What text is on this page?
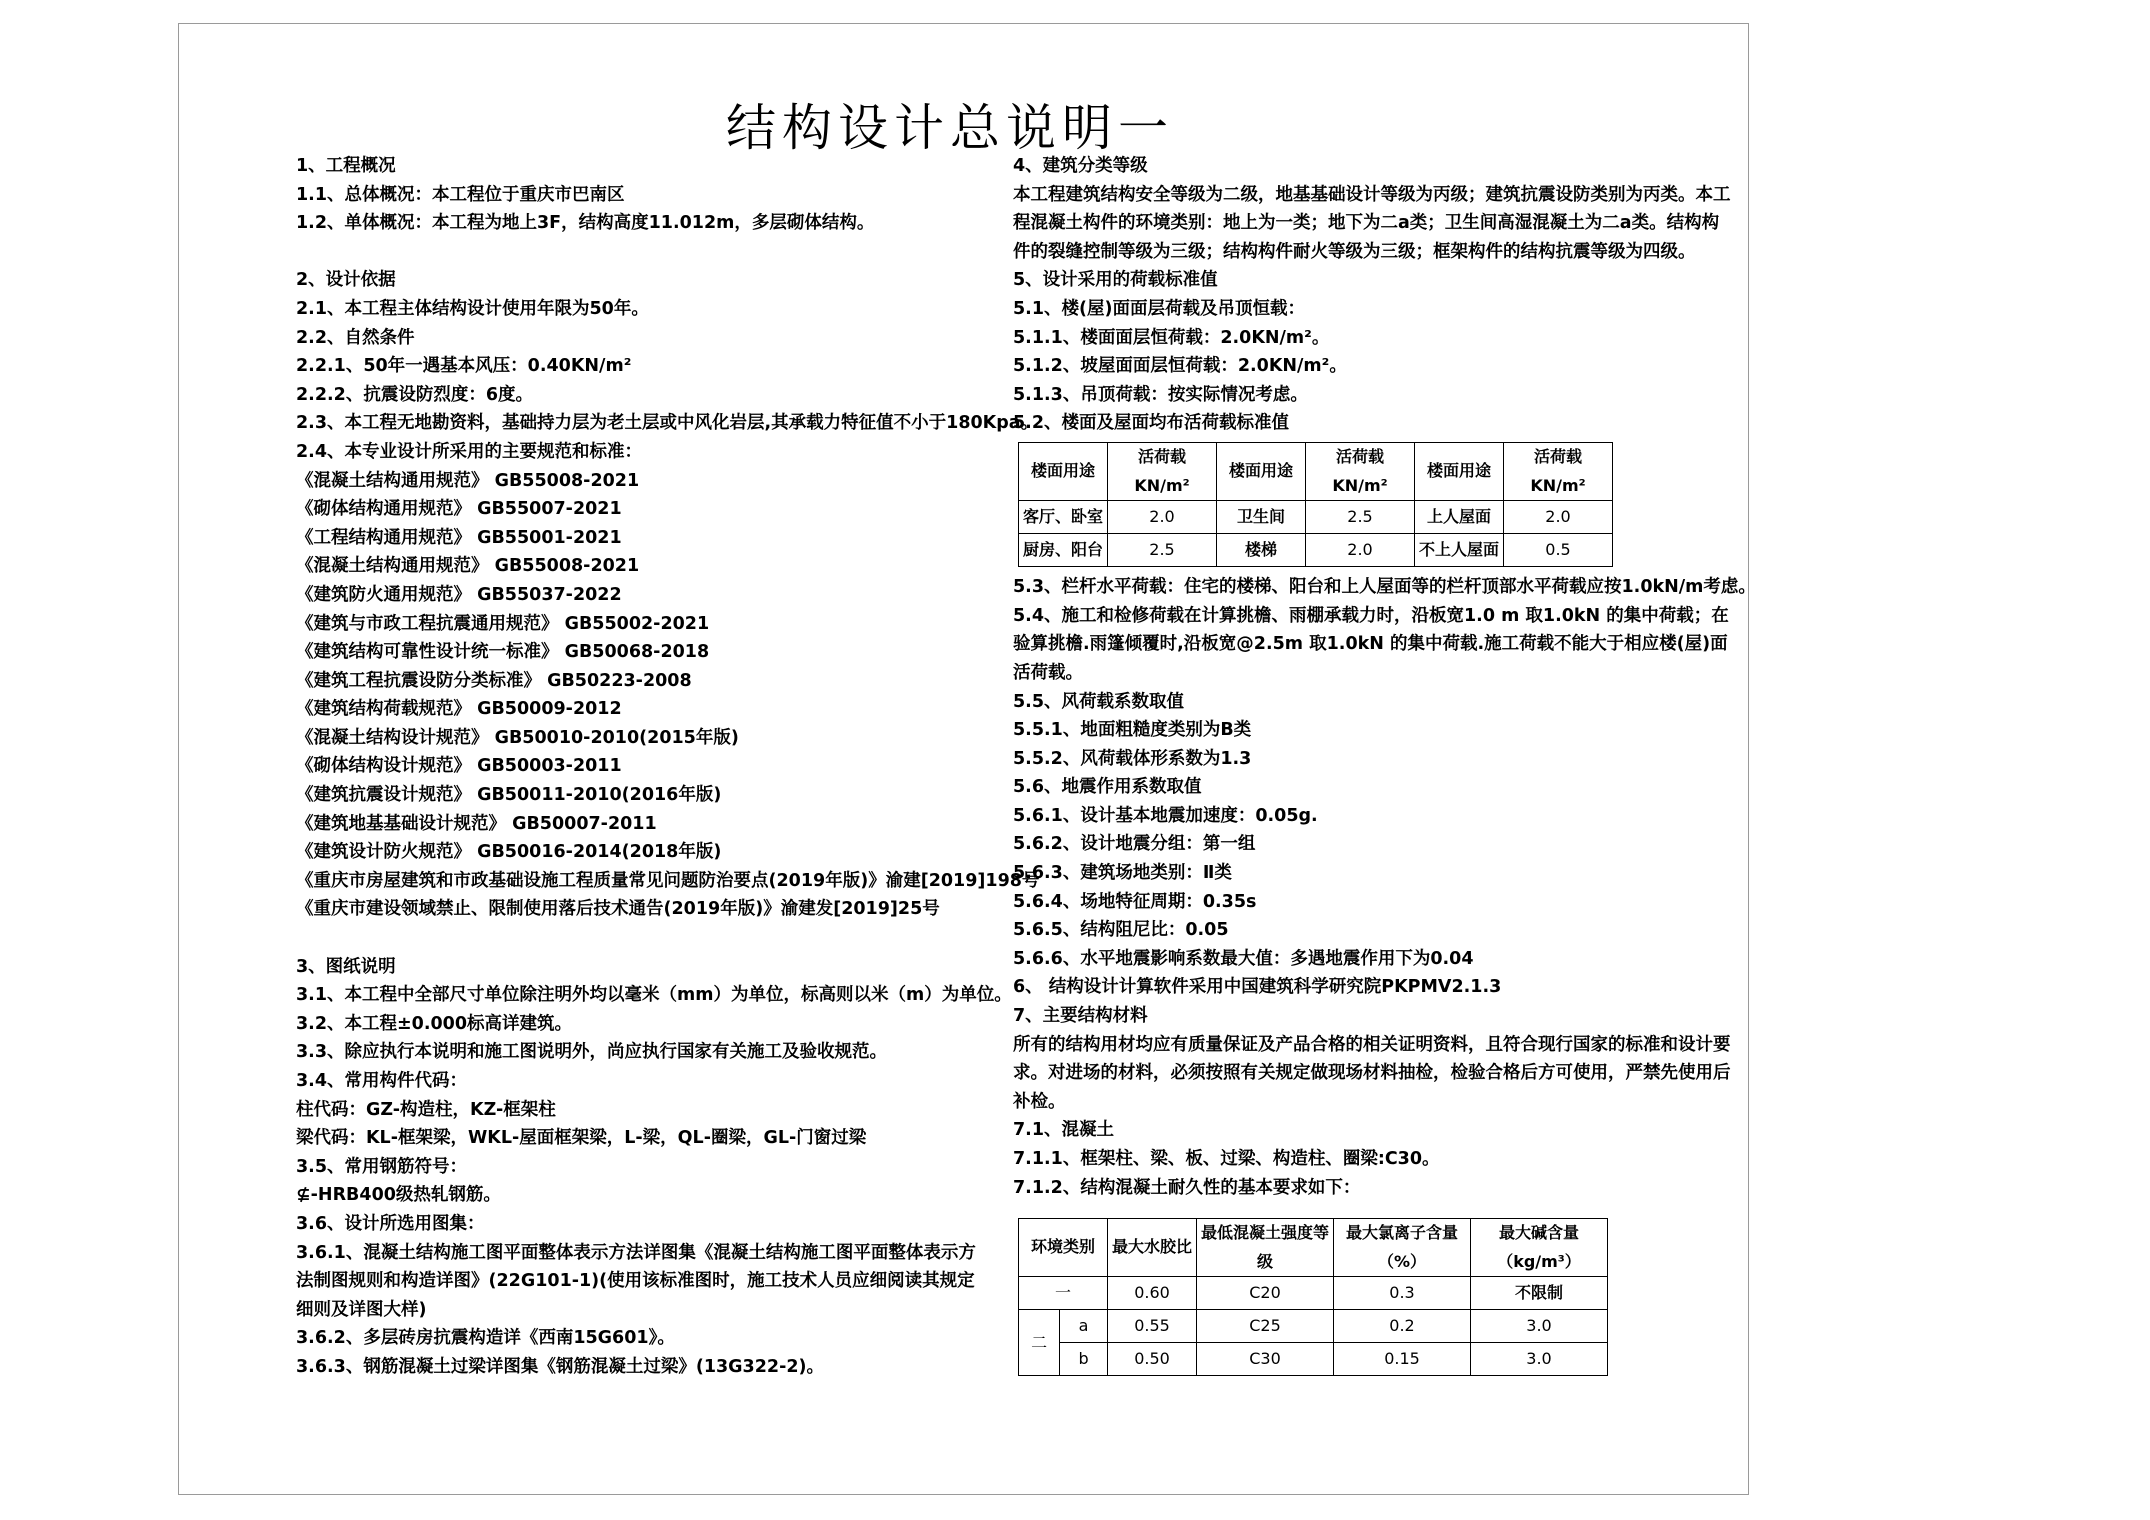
结构设计总说明一
1、工程概况
1.1、总体概况：本工程位于重庆市巴南区
1.2、单体概况：本工程为地上3F，结构高度11.012m，多层砌体结构。
2、设计依据
2.1、本工程主体结构设计使用年限为50年。
2.2、自然条件
2.2.1、50年一遇基本风压：0.40KN/m²
2.2.2、抗震设防烈度：6度。
2.3、本工程无地勘资料，基础持力层为老土层或中风化岩层,其承载力特征值不小于180Kpa。
2.4、本专业设计所采用的主要规范和标准：
《混凝土结构通用规范》 GB55008-2021
《砌体结构通用规范》 GB55007-2021
《工程结构通用规范》 GB55001-2021
《混凝土结构通用规范》 GB55008-2021
《建筑防火通用规范》 GB55037-2022
《建筑与市政工程抗震通用规范》 GB55002-2021
《建筑结构可靠性设计统一标准》 GB50068-2018
《建筑工程抗震设防分类标准》 GB50223-2008
《建筑结构荷载规范》 GB50009-2012
《混凝土结构设计规范》 GB50010-2010(2015年版)
《砌体结构设计规范》 GB50003-2011
《建筑抗震设计规范》 GB50011-2010(2016年版)
《建筑地基基础设计规范》 GB50007-2011
《建筑设计防火规范》 GB50016-2014(2018年版)
《重庆市房屋建筑和市政基础设施工程质量常见问题防治要点(2019年版)》渝建[2019]198号
《重庆市建设领域禁止、限制使用落后技术通告(2019年版)》渝建发[2019]25号
3、图纸说明
3.1、本工程中全部尺寸单位除注明外均以毫米（mm）为单位，标高则以米（m）为单位。
3.2、本工程±0.000标高详建筑。
3.3、除应执行本说明和施工图说明外，尚应执行国家有关施工及验收规范。
3.4、常用构件代码：
柱代码：GZ-构造柱，KZ-框架柱
梁代码：KL-框架梁，WKL-屋面框架梁，L-梁，QL-圈梁，GL-门窗过梁
3.5、常用钢筋符号：
⊈-HRB400级热轧钢筋。
3.6、设计所选用图集：
3.6.1、混凝土结构施工图平面整体表示方法详图集《混凝土结构施工图平面整体表示方法制图规则和构造详图》(22G101-1)(使用该标准图时，施工技术人员应细阅读其规定细则及详图大样)
3.6.2、多层砖房抗震构造详《西南15G601》。
3.6.3、钢筋混凝土过梁详图集《钢筋混凝土过梁》(13G322-2)。
4、建筑分类等级
本工程建筑结构安全等级为二级，地基基础设计等级为丙级；建筑抗震设防类别为丙类。本工程混凝土构件的环境类别：地上为一类；地下为二a类；卫生间高湿混凝土为二a类。结构构件的裂缝控制等级为三级；结构构件耐火等级为三级；框架构件的结构抗震等级为四级。
5、设计采用的荷载标准值
5.1、楼(屋)面面层荷载及吊顶恒载：
5.1.1、楼面面层恒荷载：2.0KN/m²。
5.1.2、坡屋面面层恒荷载：2.0KN/m²。
5.1.3、吊顶荷载：按实际情况考虑。
5.2、楼面及屋面均布活荷载标准值
楼面用途	活荷载KN/m²	楼面用途	活荷载KN/m²	楼面用途	活荷载KN/m²
客厅、卧室	2.0	卫生间	2.5	上人屋面	2.0
厨房、阳台	2.5	楼梯	2.0	不上人屋面	0.5
5.3、栏杆水平荷载：住宅的楼梯、阳台和上人屋面等的栏杆顶部水平荷载应按1.0kN/m考虑。
5.4、施工和检修荷载在计算挑檐、雨棚承载力时，沿板宽1.0 m 取1.0kN 的集中荷载；在验算挑檐.雨篷倾覆时,沿板宽@2.5m 取1.0kN 的集中荷载.施工荷载不能大于相应楼(屋)面活荷载。
5.5、风荷载系数取值
5.5.1、地面粗糙度类别为B类
5.5.2、风荷载体形系数为1.3
5.6、地震作用系数取值
5.6.1、设计基本地震加速度：0.05g.
5.6.2、设计地震分组：第一组
5.6.3、建筑场地类别：Ⅱ类
5.6.4、场地特征周期：0.35s
5.6.5、结构阻尼比：0.05
5.6.6、水平地震影响系数最大值：多遇地震作用下为0.04
6、 结构设计计算软件采用中国建筑科学研究院PKPMV2.1.3
7、主要结构材料
所有的结构用材均应有质量保证及产品合格的相关证明资料，且符合现行国家的标准和设计要求。对进场的材料，必须按照有关规定做现场材料抽检，检验合格后方可使用，严禁先使用后补检。
7.1、混凝土
7.1.1、框架柱、梁、板、过梁、构造柱、圈梁:C30。
7.1.2、结构混凝土耐久性的基本要求如下：
环境类别		最大水胶比	最低混凝土强度等级	最大氯离子含量（%）	最大碱含量（kg/m³）
一		0.60	C20	0.3	不限制
二	a	0.55	C25	0.2	3.0
	b	0.50	C30	0.15	3.0
